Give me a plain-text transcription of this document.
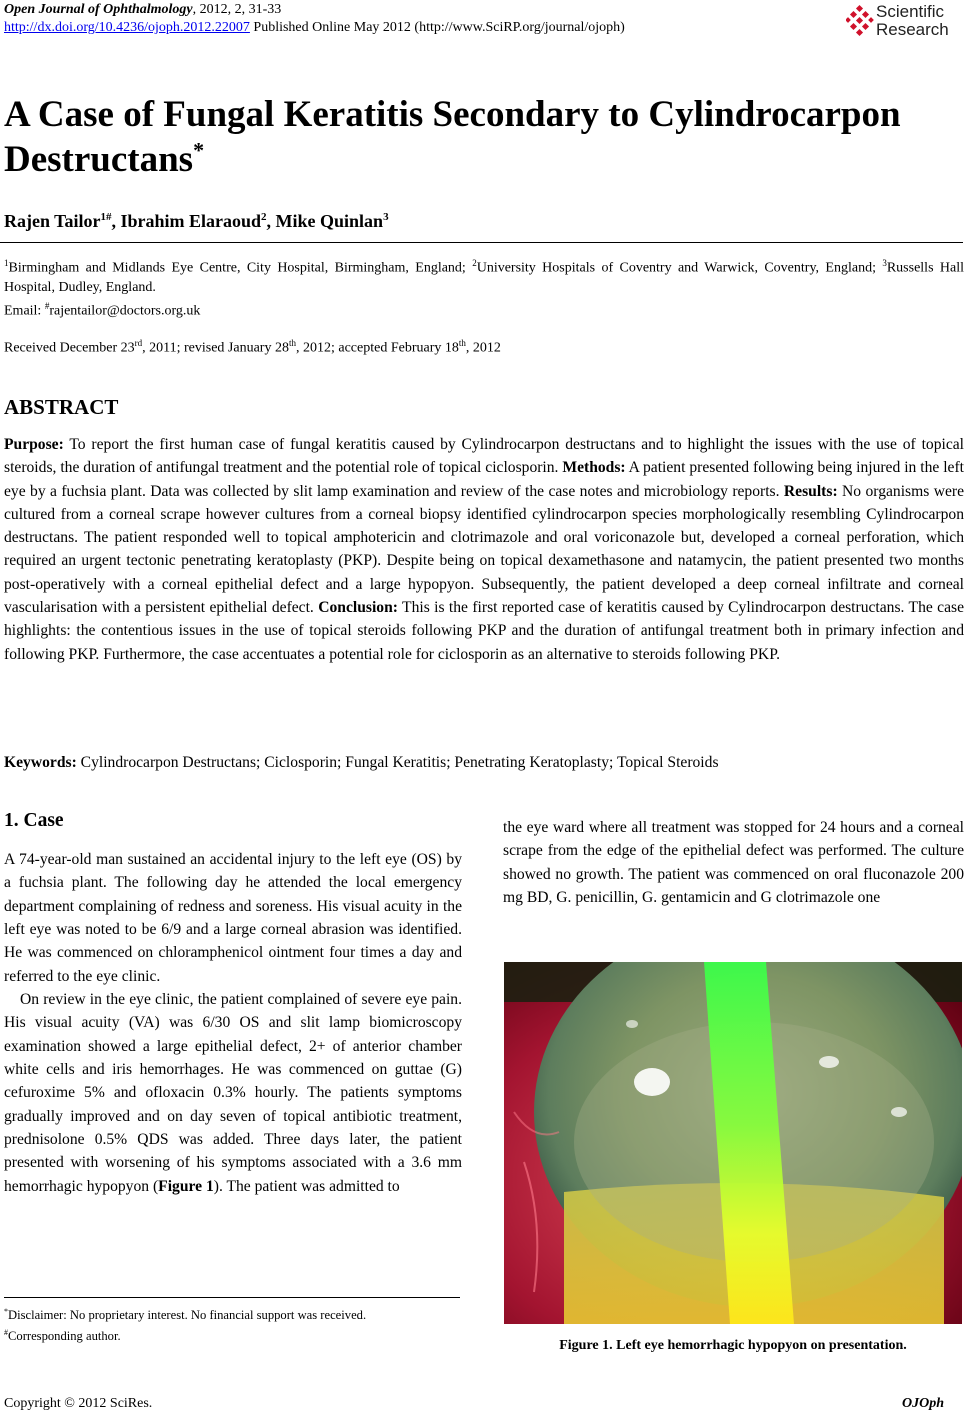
Open Journal of Ophthalmology, 2012, 2, 31-33
http://dx.doi.org/10.4236/ojoph.2012.22007 Published Online May 2012 (http://www.SciRP.org/journal/ojoph)
Scientific
Research
A Case of Fungal Keratitis Secondary to Cylindrocarpon
Destructans*
Rajen Tailor$^{1\#}$, Ibrahim Elaraoud$^2$, Mike Quinlan$^3$
$^1$Birmingham and Midlands Eye Centre, City Hospital, Birmingham, England; $^2$University Hospitals of Coventry and Warwick, Coventry, England; $^3$Russells Hall Hospital, Dudley, England.
Email: #rajentailor@doctors.org.uk
Received December 23rd, 2011; revised January 28th, 2012; accepted February 18th, 2012
ABSTRACT
Purpose: To report the first human case of fungal keratitis caused by Cylindrocarpon destructans and to highlight the issues with the use of topical steroids, the duration of antifungal treatment and the potential role of topical ciclosporin. Methods: A patient presented following being injured in the left eye by a fuchsia plant. Data was collected by slit lamp examination and review of the case notes and microbiology reports. Results: No organisms were cultured from a corneal scrape however cultures from a corneal biopsy identified cylindrocarpon species morphologically resembling Cylindrocarpon destructans. The patient responded well to topical amphotericin and clotrimazole and oral voriconazole but, developed a corneal perforation, which required an urgent tectonic penetrating keratoplasty (PKP). Despite being on topical dexamethasone and natamycin, the patient presented two months post-operatively with a corneal epithelial defect and a large hypopyon. Subsequently, the patient developed a deep corneal infiltrate and corneal vascularisation with a persistent epithelial defect. Conclusion: This is the first reported case of keratitis caused by Cylindrocarpon destructans. The case highlights: the contentious issues in the use of topical steroids following PKP and the duration of antifungal treatment both in primary infection and following PKP. Furthermore, the case accentuates a potential role for ciclosporin as an alternative to steroids following PKP.
Keywords: Cylindrocarpon Destructans; Ciclosporin; Fungal Keratitis; Penetrating Keratoplasty; Topical Steroids
1. Case

A 74-year-old man sustained an accidental injury to the left eye (OS) by a fuchsia plant. The following day he attended the local emergency department complaining of redness and soreness. His visual acuity in the left eye was noted to be 6/9 and a large corneal abrasion was identified. He was commenced on chloramphenicol ointment four times a day and referred to the eye clinic.

On review in the eye clinic, the patient complained of severe eye pain. His visual acuity (VA) was 6/30 OS and slit lamp biomicroscopy examination showed a large epithelial defect, 2+ of anterior chamber white cells and iris hemorrhages. He was commenced on guttae (G) cefuroxime 5% and ofloxacin 0.3% hourly. The patients symptoms gradually improved and on day seven of topical antibiotic treatment, prednisolone 0.5% QDS was added. Three days later, the patient presented with worsening of his symptoms associated with a 3.6 mm hemorrhagic hypopyon (Figure 1). The patient was admitted to

the eye ward where all treatment was stopped for 24 hours and a corneal scrape from the edge of the epithelial defect was performed. The culture showed no growth. The patient was commenced on oral fluconazole 200 mg BD, G. penicillin, G. gentamicin and G clotrimazole one
Figure 1. Left eye hemorrhagic hypopyon on presentation.
*Disclaimer: No proprietary interest. No financial support was received.
#Corresponding author.
Copyright © 2012 SciRes.	OJOph
